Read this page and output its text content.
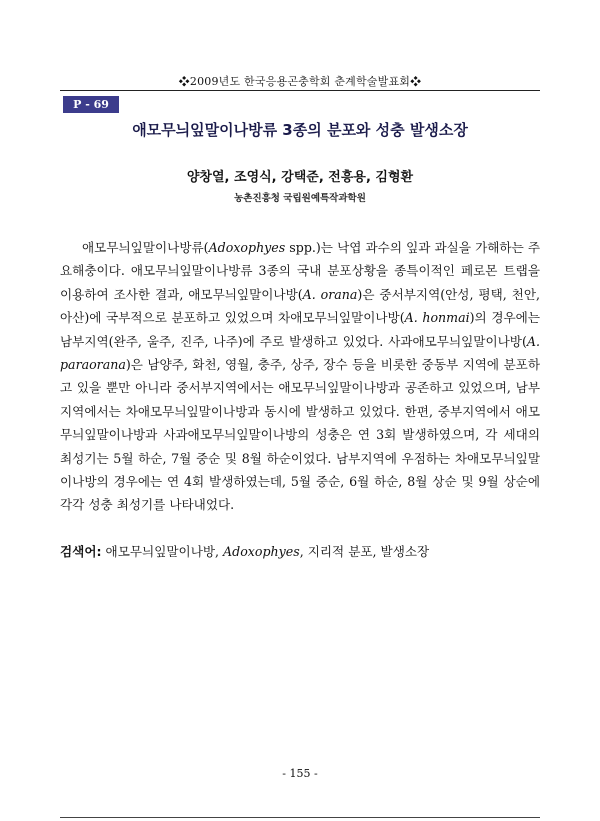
❖2009년도 한국응용곤충학회 춘계학술발표회❖
P - 69
애모무늬잎말이나방류 3종의 분포와 성충 발생소장
양창열, 조영식, 강택준, 전흥용, 김형환
농촌진흥청 국립원예특작과학원
애모무늬잎말이나방류(Adoxophyes spp.)는 낙엽 과수의 잎과 과실을 가해하는 주요해충이다. 애모무늬잎말이나방류 3종의 국내 분포상황을 종특이적인 페로몬 트랩을 이용하여 조사한 결과, 애모무늬잎말이나방(A. orana)은 중서부지역(안성, 평택, 천안, 아산)에 국부적으로 분포하고 있었으며 차애모무늬잎말이나방(A. honmai)의 경우에는 남부지역(완주, 울주, 진주, 나주)에 주로 발생하고 있었다. 사과애모무늬잎말이나방(A. paraorana)은 남양주, 화천, 영월, 충주, 상주, 장수 등을 비롯한 중동부 지역에 분포하고 있을 뿐만 아니라 중서부지역에서는 애모무늬잎말이나방과 공존하고 있었으며, 남부지역에서는 차애모무늬잎말이나방과 동시에 발생하고 있었다. 한편, 중부지역에서 애모무늬잎말이나방과 사과애모무늬잎말이나방의 성충은 연 3회 발생하였으며, 각 세대의 최성기는 5월 하순, 7월 중순 및 8월 하순이었다. 남부지역에 우점하는 차애모무늬잎말이나방의 경우에는 연 4회 발생하였는데, 5월 중순, 6월 하순, 8월 상순 및 9월 상순에 각각 성충 최성기를 나타내었다.
검색어: 애모무늬잎말이나방, Adoxophyes, 지리적 분포, 발생소장
- 155 -
